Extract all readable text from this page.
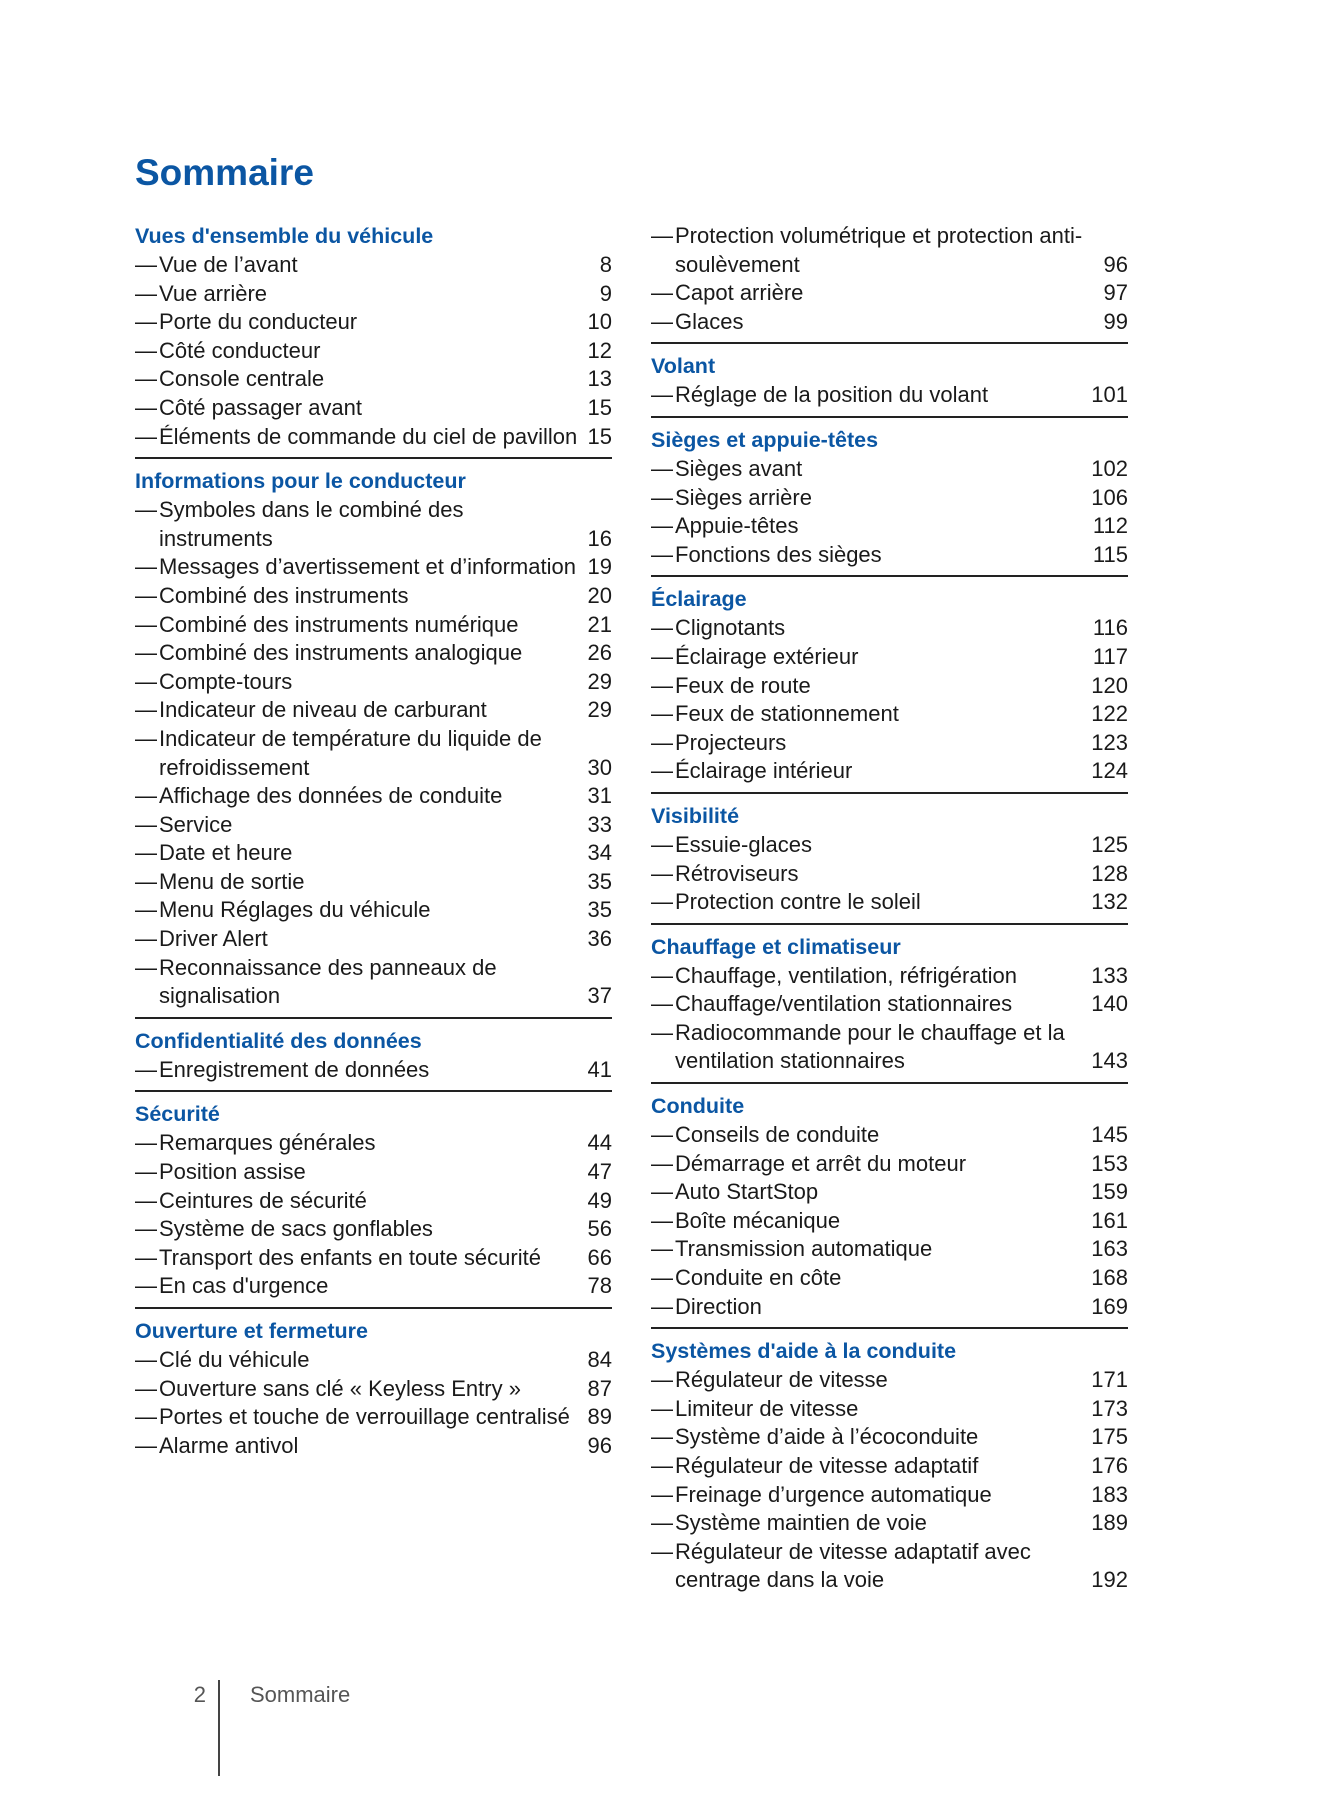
Sommaire
Vues d'ensemble du véhicule
— Vue de l’avant	8
— Vue arrière	9
— Porte du conducteur	10
— Côté conducteur	12
— Console centrale	13
— Côté passager avant	15
— Éléments de commande du ciel de pavillon 15
Informations pour le conducteur
— Symboles dans le combiné des instruments	16
— Messages d’avertissement et d’information 19
— Combiné des instruments	20
— Combiné des instruments numérique	21
— Combiné des instruments analogique	26
— Compte-tours	29
— Indicateur de niveau de carburant	29
— Indicateur de température du liquide de refroidissement	30
— Affichage des données de conduite	31
— Service	33
— Date et heure	34
— Menu de sortie	35
— Menu Réglages du véhicule	35
— Driver Alert	36
— Reconnaissance des panneaux de signalisation	37
Confidentialité des données
— Enregistrement de données	41
Sécurité
— Remarques générales	44
— Position assise	47
— Ceintures de sécurité	49
— Système de sacs gonflables	56
— Transport des enfants en toute sécurité	66
— En cas d'urgence	78
Ouverture et fermeture
— Clé du véhicule	84
— Ouverture sans clé « Keyless Entry »	87
— Portes et touche de verrouillage centralisé 89
— Alarme antivol	96
— Protection volumétrique et protection anti-soulèvement	96
— Capot arrière	97
— Glaces	99
Volant
— Réglage de la position du volant	101
Sièges et appuie-têtes
— Sièges avant	102
— Sièges arrière	106
— Appuie-têtes	112
— Fonctions des sièges	115
Éclairage
— Clignotants	116
— Éclairage extérieur	117
— Feux de route	120
— Feux de stationnement	122
— Projecteurs	123
— Éclairage intérieur	124
Visibilité
— Essuie-glaces	125
— Rétroviseurs	128
— Protection contre le soleil	132
Chauffage et climatiseur
— Chauffage, ventilation, réfrigération	133
— Chauffage/ventilation stationnaires	140
— Radiocommande pour le chauffage et la ventilation stationnaires	143
Conduite
— Conseils de conduite	145
— Démarrage et arrêt du moteur	153
— Auto StartStop	159
— Boîte mécanique	161
— Transmission automatique	163
— Conduite en côte	168
— Direction	169
Systèmes d'aide à la conduite
— Régulateur de vitesse	171
— Limiteur de vitesse	173
— Système d’aide à l’écoconduite	175
— Régulateur de vitesse adaptatif	176
— Freinage d’urgence automatique	183
— Système maintien de voie	189
— Régulateur de vitesse adaptatif avec centrage dans la voie	192
2 Sommaire
